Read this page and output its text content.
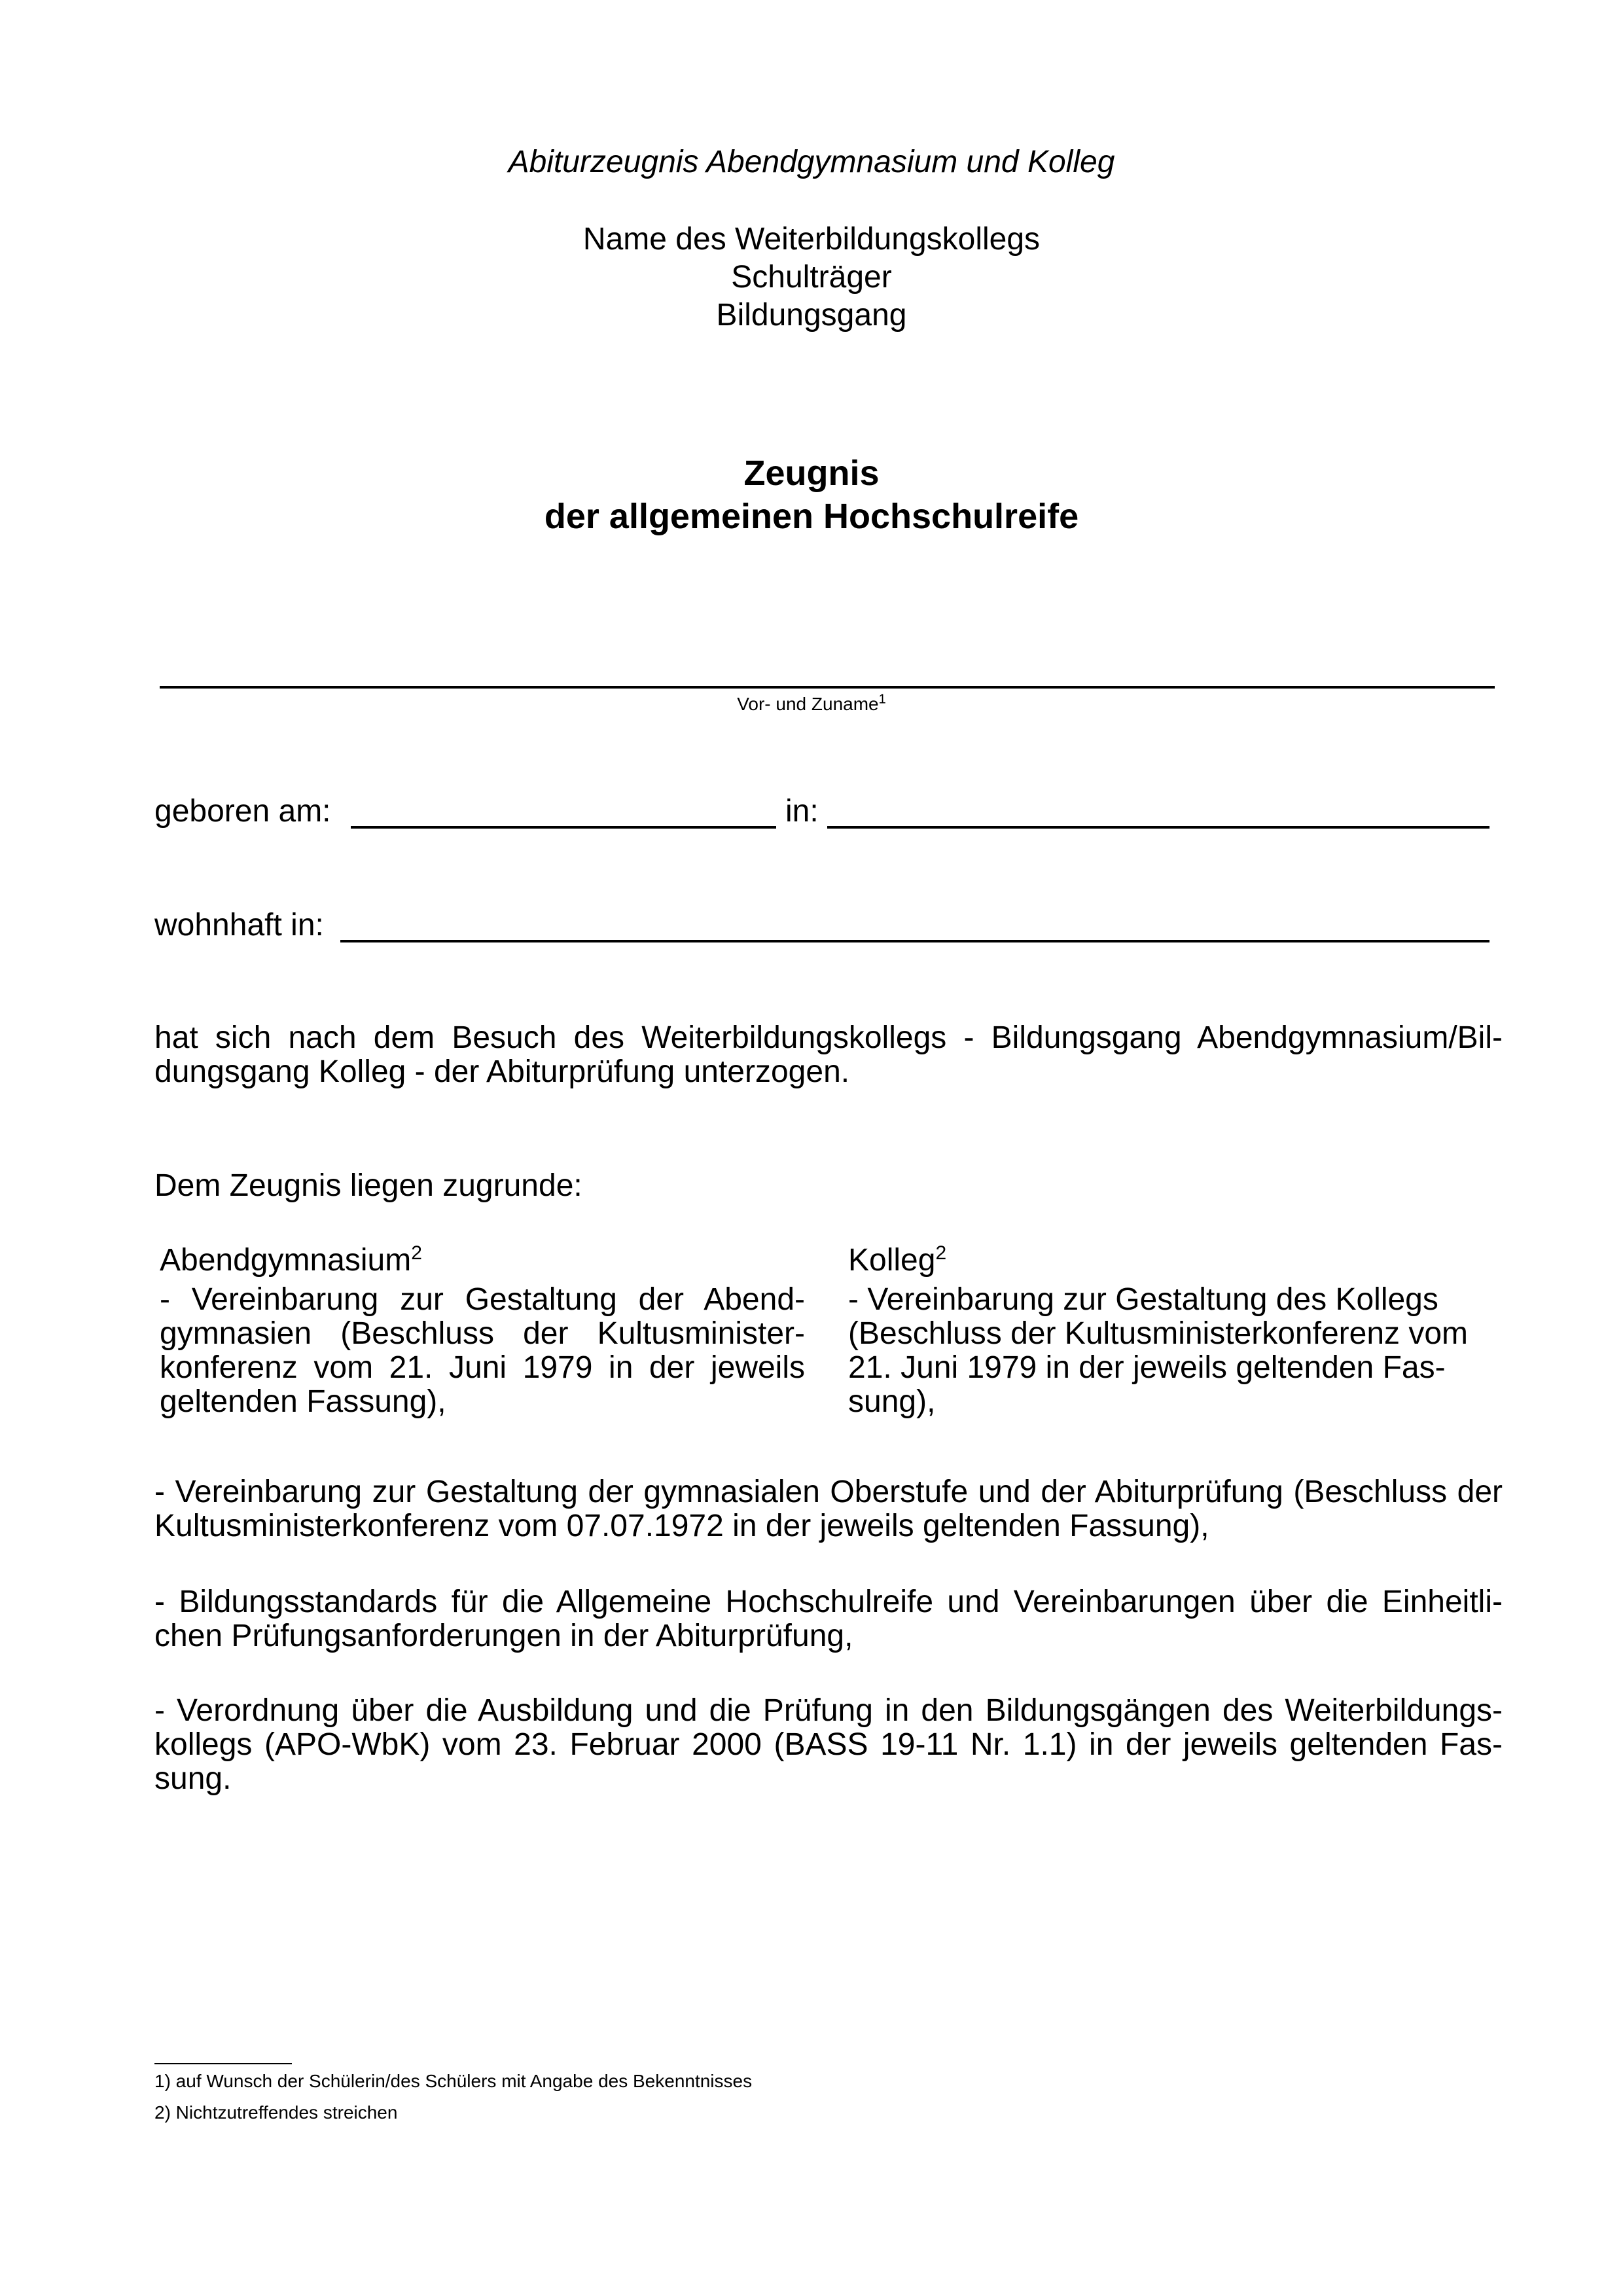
Abiturzeugnis Abendgymnasium und Kolleg
Name des Weiterbildungskollegs
Schulträger
Bildungsgang
Zeugnis
der allgemeinen Hochschulreife
Vor- und Zuname$^1$
geboren am:	in:
wohnhaft in:
hat sich nach dem Besuch des Weiterbildungskollegs - Bildungsgang Abendgymnasium/Bil- dungsgang Kolleg - der Abiturprüfung unterzogen.
Dem Zeugnis liegen zugrunde:
Abendgymnasium$^2$
- Vereinbarung zur Gestaltung der Abend- gymnasien (Beschluss der Kultusminister- konferenz vom 21. Juni 1979 in der jeweils geltenden Fassung),
Kolleg$^2$
- Vereinbarung zur Gestaltung des Kollegs (Beschluss der Kultusministerkonferenz vom 21. Juni 1979 in der jeweils geltenden Fas- sung),
- Vereinbarung zur Gestaltung der gymnasialen Oberstufe und der Abiturprüfung (Beschluss der Kultusministerkonferenz vom 07.07.1972 in der jeweils geltenden Fassung),
- Bildungsstandards für die Allgemeine Hochschulreife und Vereinbarungen über die Einheitli- chen Prüfungsanforderungen in der Abiturprüfung,
- Verordnung über die Ausbildung und die Prüfung in den Bildungsgängen des Weiterbildungs- kollegs (APO-WbK) vom 23. Februar 2000 (BASS 19-11 Nr. 1.1) in der jeweils geltenden Fas- sung.
1) auf Wunsch der Schülerin/des Schülers mit Angabe des Bekenntnisses
2) Nichtzutreffendes streichen
